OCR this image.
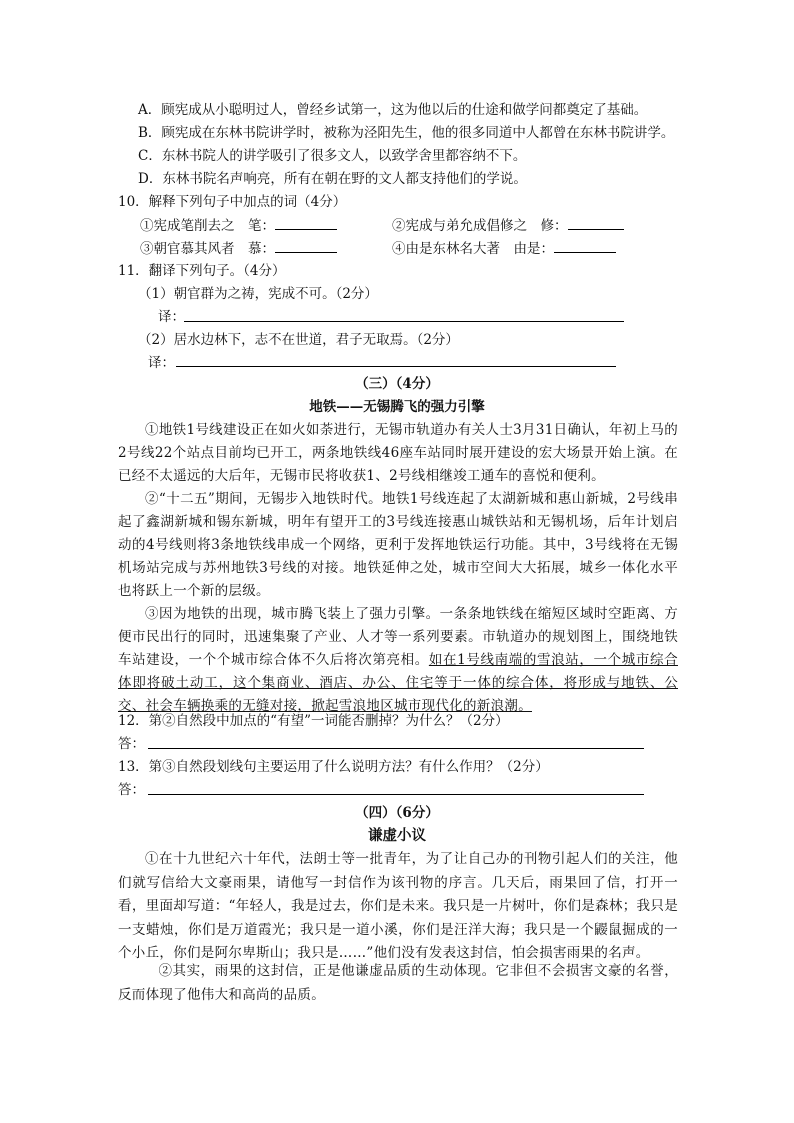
A．顾宪成从小聪明过人，曾经乡试第一，这为他以后的仕途和做学问都奠定了基础。
B．顾宪成在东林书院讲学时，被称为泾阳先生，他的很多同道中人都曾在东林书院讲学。
C．东林书院人的讲学吸引了很多文人，以致学舍里都容纳不下。
D．东林书院名声响亮，所有在朝在野的文人都支持他们的学说。
10．解释下列句子中加点的词（4分）
①宪成笔削去之　笔：	②宪成与弟允成倡修之　修：
③朝官慕其风者　慕：	④由是东林名大著　由是：
11．翻译下列句子。（4分）
（1）朝官群为之祷，宪成不可。（2分）
译：
（2）居水边林下，志不在世道，君子无取焉。（2分）
译：
（三）（4分）
地铁——无锡腾飞的强力引擎
①地铁1号线建设正在如火如荼进行，无锡市轨道办有关人士3月31日确认，年初上马的2号线22个站点目前均已开工，两条地铁线46座车站同时展开建设的宏大场景开始上演。在已经不太遥远的大后年，无锡市民将收获1、2号线相继竣工通车的喜悦和便利。
②“十二五”期间，无锡步入地铁时代。地铁1号线连起了太湖新城和惠山新城，2号线串起了鑫湖新城和锡东新城，明年有望开工的3号线连接惠山城铁站和无锡机场，后年计划启动的4号线则将3条地铁线串成一个网络，更利于发挥地铁运行功能。其中，3号线将在无锡机场站完成与苏州地铁3号线的对接。地铁延伸之处，城市空间大大拓展，城乡一体化水平也将跃上一个新的层级。
③因为地铁的出现，城市腾飞装上了强力引擎。一条条地铁线在缩短区域时空距离、方便市民出行的同时，迅速集聚了产业、人才等一系列要素。市轨道办的规划图上，围绕地铁车站建设，一个个城市综合体不久后将次第亮相。如在1号线南端的雪浪站，一个城市综合体即将破土动工，这个集商业、酒店、办公、住宅等于一体的综合体，将形成与地铁、公交、社会车辆换乘的无缝对接，掀起雪浪地区城市现代化的新浪潮。
12．第②自然段中加点的“有望”一词能否删掉？为什么？（2分）
答：
13．第③自然段划线句主要运用了什么说明方法？有什么作用？（2分）
答：
（四）（6分）
谦虚小议
①在十九世纪六十年代，法朗士等一批青年，为了让自己办的刊物引起人们的关注，他们就写信给大文豪雨果，请他写一封信作为该刊物的序言。几天后，雨果回了信，打开一看，里面却写道：“年轻人，我是过去，你们是未来。我只是一片树叶，你们是森林；我只是一支蜡烛，你们是万道霞光；我只是一道小溪，你们是汪洋大海；我只是一个鼹鼠掘成的一个小丘，你们是阿尔卑斯山；我只是……”他们没有发表这封信，怕会损害雨果的名声。
②其实，雨果的这封信，正是他谦虚品质的生动体现。它非但不会损害文豪的名誉，反而体现了他伟大和高尚的品质。
